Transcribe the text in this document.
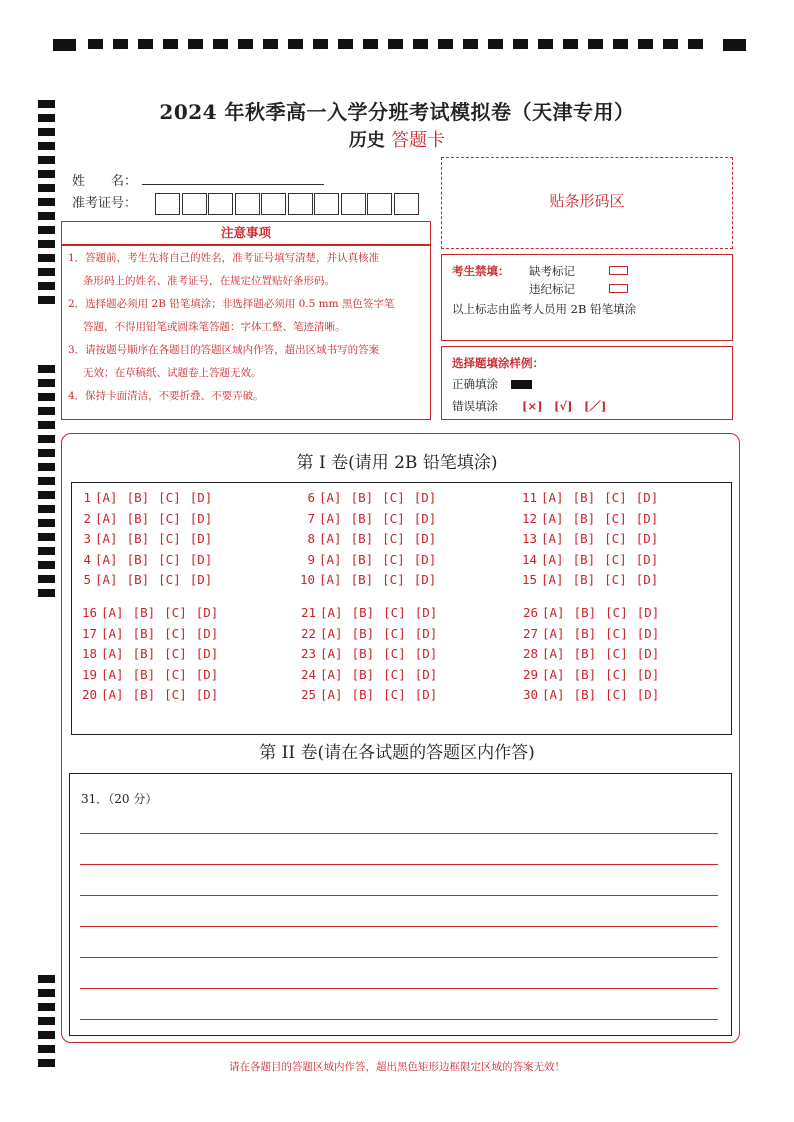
2024 年秋季高一入学分班考试模拟卷（天津专用）
历史 答题卡
姓　　名：
准考证号：	贴条形码区
注意事项
1．答题前，考生先将自己的姓名，准考证号填写清楚，并认真核准
条形码上的姓名、准考证号，在规定位置贴好条形码。
2．选择题必须用 2B 铅笔填涂；非选择题必须用 0.5 mm 黑色签字笔
答题，不得用铅笔或圆珠笔答题：字体工整、笔迹清晰。
3．请按题号顺序在各题目的答题区域内作答，超出区域书写的答案
无效；在草稿纸、试题卷上答题无效。
4．保持卡面清洁，不要折叠、不要弄破。
考生禁填： 缺考标记
违纪标记
以上标志由监考人员用 2B 铅笔填涂
选择题填涂样例：
正确填涂
错误填涂 [×]　[√]　[／]
第 I 卷(请用 2B 铅笔填涂)
1 [A] [B] [C] [D]
2 [A] [B] [C] [D]
3 [A] [B] [C] [D]
4 [A] [B] [C] [D]
5 [A] [B] [C] [D]
6 [A] [B] [C] [D]
7 [A] [B] [C] [D]
8 [A] [B] [C] [D]
9 [A] [B] [C] [D]
10 [A] [B] [C] [D]
11 [A] [B] [C] [D]
12 [A] [B] [C] [D]
13 [A] [B] [C] [D]
14 [A] [B] [C] [D]
15 [A] [B] [C] [D]
16 [A] [B] [C] [D]
17 [A] [B] [C] [D]
18 [A] [B] [C] [D]
19 [A] [B] [C] [D]
20 [A] [B] [C] [D]
21 [A] [B] [C] [D]
22 [A] [B] [C] [D]
23 [A] [B] [C] [D]
24 [A] [B] [C] [D]
25 [A] [B] [C] [D]
26 [A] [B] [C] [D]
27 [A] [B] [C] [D]
28 [A] [B] [C] [D]
29 [A] [B] [C] [D]
30 [A] [B] [C] [D]
第 II 卷(请在各试题的答题区内作答)
31．（20 分）
请在各题目的答题区域内作答，超出黑色矩形边框限定区域的答案无效！
